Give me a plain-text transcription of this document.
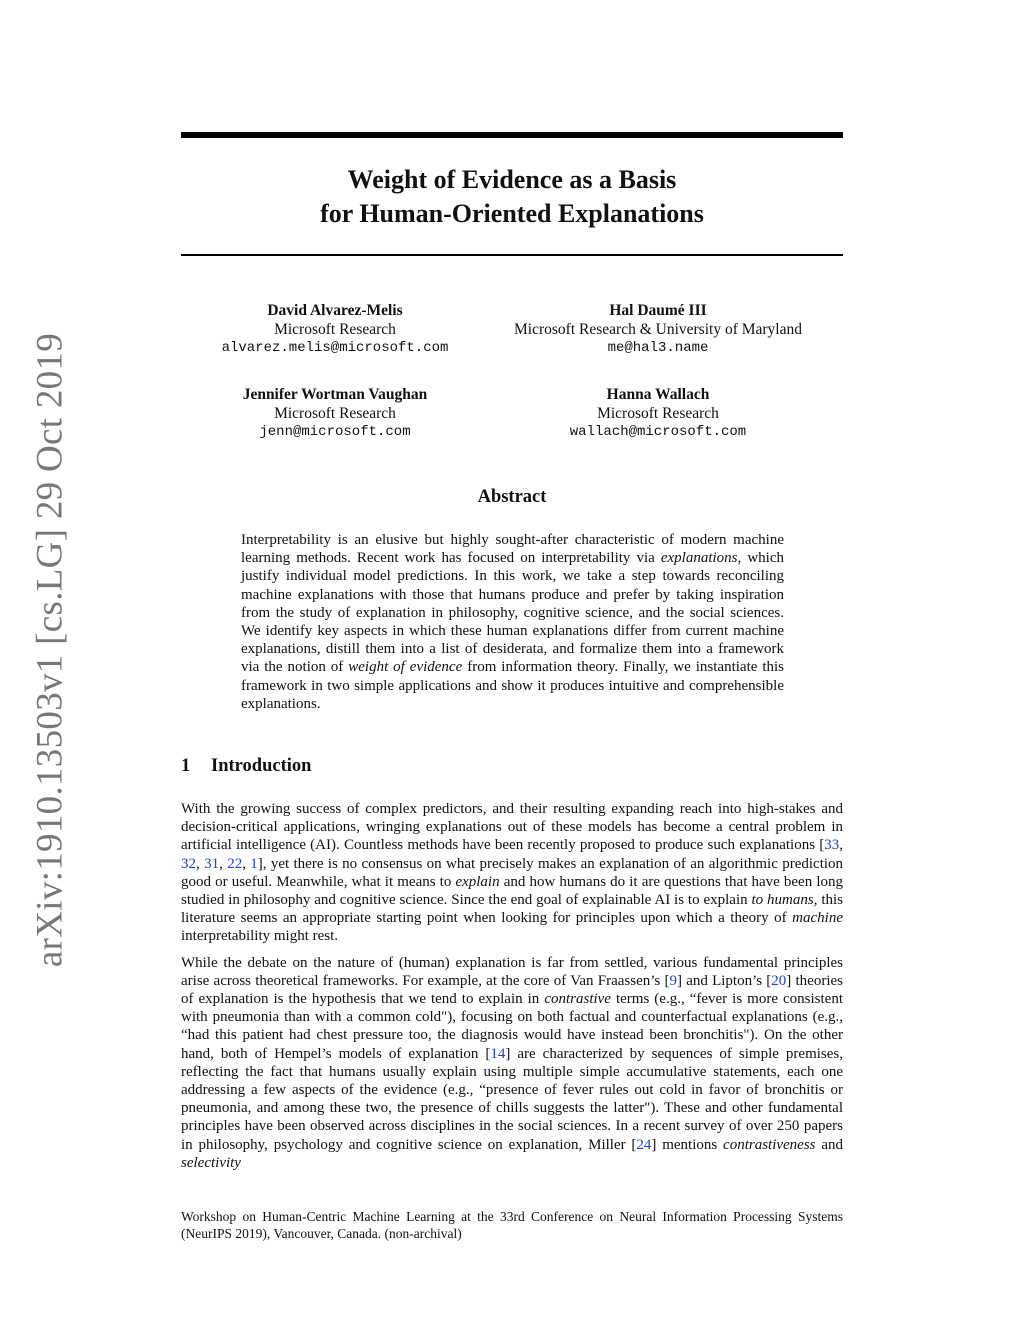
arXiv:1910.13503v1 [cs.LG] 29 Oct 2019
Weight of Evidence as a Basis
for Human-Oriented Explanations
David Alvarez-Melis
Microsoft Research
alvarez.melis@microsoft.com
Hal Daumé III
Microsoft Research & University of Maryland
me@hal3.name
Jennifer Wortman Vaughan
Microsoft Research
jenn@microsoft.com
Hanna Wallach
Microsoft Research
wallach@microsoft.com
Abstract
Interpretability is an elusive but highly sought-after characteristic of modern machine learning methods. Recent work has focused on interpretability via explanations, which justify individual model predictions. In this work, we take a step towards reconciling machine explanations with those that humans produce and prefer by taking inspiration from the study of explanation in philosophy, cognitive science, and the social sciences. We identify key aspects in which these human explanations differ from current machine explanations, distill them into a list of desiderata, and formalize them into a framework via the notion of weight of evidence from information theory. Finally, we instantiate this framework in two simple applications and show it produces intuitive and comprehensible explanations.
1 Introduction

With the growing success of complex predictors, and their resulting expanding reach into high-stakes and decision-critical applications, wringing explanations out of these models has become a central problem in artificial intelligence (AI). Countless methods have been recently proposed to produce such explanations [33, 32, 31, 22, 1], yet there is no consensus on what precisely makes an explanation of an algorithmic prediction good or useful. Meanwhile, what it means to explain and how humans do it are questions that have been long studied in philosophy and cognitive science. Since the end goal of explainable AI is to explain to humans, this literature seems an appropriate starting point when looking for principles upon which a theory of machine interpretability might rest.

While the debate on the nature of (human) explanation is far from settled, various fundamental principles arise across theoretical frameworks. For example, at the core of Van Fraassen’s [9] and Lipton’s [20] theories of explanation is the hypothesis that we tend to explain in contrastive terms (e.g., “fever is more consistent with pneumonia than with a common cold"), focusing on both factual and counterfactual explanations (e.g., “had this patient had chest pressure too, the diagnosis would have instead been bronchitis"). On the other hand, both of Hempel’s models of explanation [14] are characterized by sequences of simple premises, reflecting the fact that humans usually explain using multiple simple accumulative statements, each one addressing a few aspects of the evidence (e.g., “presence of fever rules out cold in favor of bronchitis or pneumonia, and among these two, the presence of chills suggests the latter"). These and other fundamental principles have been observed across disciplines in the social sciences. In a recent survey of over 250 papers in philosophy, psychology and cognitive science on explanation, Miller [24] mentions contrastiveness and selectivity

Workshop on Human-Centric Machine Learning at the 33rd Conference on Neural Information Processing Systems (NeurIPS 2019), Vancouver, Canada. (non-archival)
